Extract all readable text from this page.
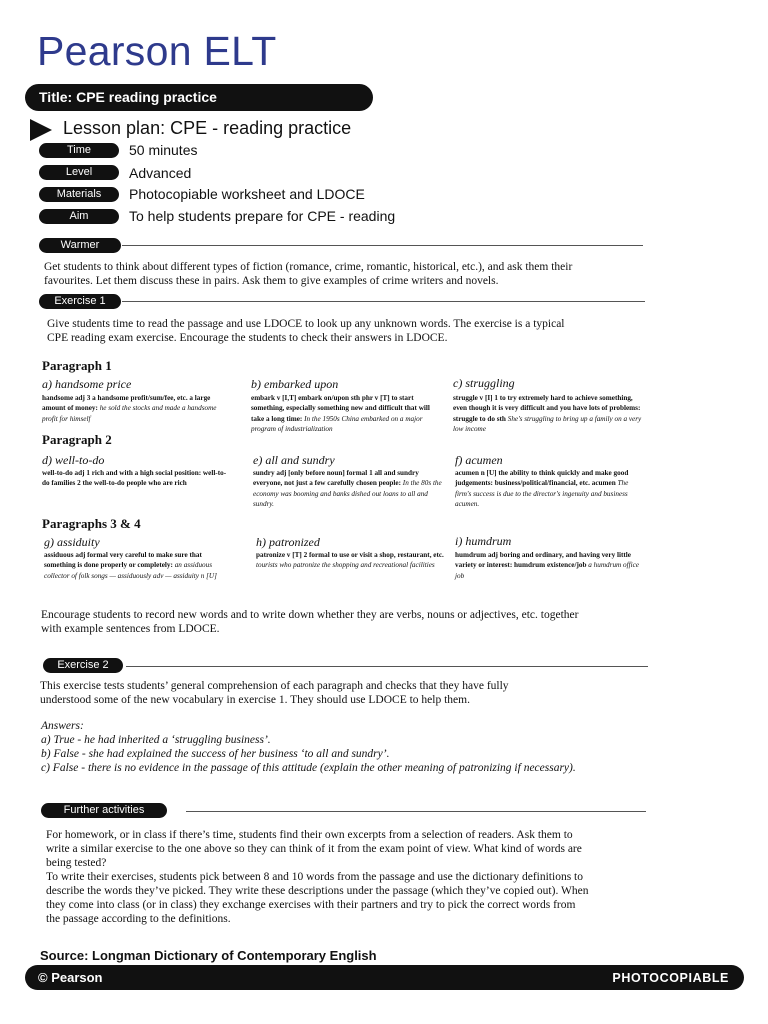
Pearson ELT
Title: CPE reading practice
Lesson plan: CPE - reading practice
Time	50 minutes
Level	Advanced
Materials	Photocopiable worksheet and LDOCE
Aim	To help students prepare for CPE - reading
Warmer
Get students to think about different types of fiction (romance, crime, romantic, historical, etc.), and ask them their favourites. Let them discuss these in pairs. Ask them to give examples of crime writers and novels.
Exercise 1
Give students time to read the passage and use LDOCE to look up any unknown words. The exercise is a typical CPE reading exam exercise. Encourage the students to check their answers in LDOCE.
Paragraph 1
a) handsome price
handsome adj 3 a handsome profit/sum/fee, etc. a large amount of money: he sold the stocks and made a handsome profit for himself
b) embarked upon
embark v [I,T] embark on/upon sth phr v [T] to start something, especially something new and difficult that will take a long time: In the 1950s China embarked on a major program of industrialization
c) struggling
struggle v [I] 1 to try extremely hard to achieve something, even though it is very difficult and you have lots of problems: struggle to do sth She's struggling to bring up a family on a very low income
Paragraph 2
d) well-to-do
well-to-do adj 1 rich and with a high social position: well-to-do families 2 the well-to-do people who are rich
e) all and sundry
sundry adj [only before noun] formal 1 all and sundry everyone, not just a few carefully chosen people: In the 80s the economy was booming and banks dished out loans to all and sundry.
f) acumen
acumen n [U] the ability to think quickly and make good judgements: business/political/financial, etc. acumen The firm's success is due to the director's ingenuity and business acumen.
Paragraphs 3 & 4
g) assiduity
assiduous adj formal very careful to make sure that something is done properly or completely: an assiduous collector of folk songs — assiduously adv — assiduity n [U]
h) patronized
patronize v [T] 2 formal to use or visit a shop, restaurant, etc. tourists who patronize the shopping and recreational facilities
i) humdrum
humdrum adj boring and ordinary, and having very little variety or interest: humdrum existence/job a humdrum office job
Encourage students to record new words and to write down whether they are verbs, nouns or adjectives, etc. together with example sentences from LDOCE.
Exercise 2
This exercise tests students’ general comprehension of each paragraph and checks that they have fully understood some of the new vocabulary in exercise 1. They should use LDOCE to help them.
Answers:
a) True - he had inherited a ‘struggling business’.
b) False - she had explained the success of her business ‘to all and sundry’.
c) False - there is no evidence in the passage of this attitude (explain the other meaning of patronizing if necessary).
Further activities
For homework, or in class if there’s time, students find their own excerpts from a selection of readers. Ask them to write a similar exercise to the one above so they can think of it from the exam point of view. What kind of words are being tested?
To write their exercises, students pick between 8 and 10 words from the passage and use the dictionary definitions to describe the words they’ve picked. They write these descriptions under the passage (which they’ve copied out). When they come into class (or in class) they exchange exercises with their partners and try to pick the correct words from the passage according to the definitions.
Source: Longman Dictionary of Contemporary English
© Pearson	PHOTOCOPIABLE
